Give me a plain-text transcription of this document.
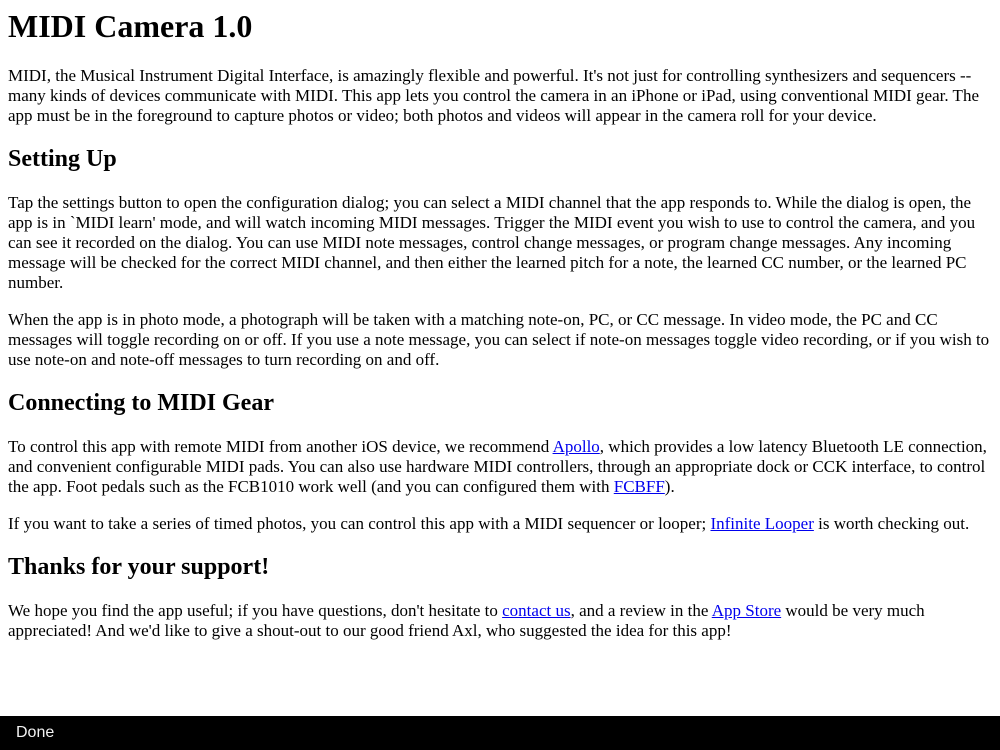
MIDI Camera 1.0

MIDI, the Musical Instrument Digital Interface, is amazingly flexible and powerful. It's not just for controlling synthesizers and sequencers -- many kinds of devices communicate with MIDI. This app lets you control the camera in an iPhone or iPad, using conventional MIDI gear. The app must be in the foreground to capture photos or video; both photos and videos will appear in the camera roll for your device.

Setting Up

Tap the settings button to open the configuration dialog; you can select a MIDI channel that the app responds to. While the dialog is open, the app is in `MIDI learn' mode, and will watch incoming MIDI messages. Trigger the MIDI event you wish to use to control the camera, and you can see it recorded on the dialog. You can use MIDI note messages, control change messages, or program change messages. Any incoming message will be checked for the correct MIDI channel, and then either the learned pitch for a note, the learned CC number, or the learned PC number.

When the app is in photo mode, a photograph will be taken with a matching note-on, PC, or CC message. In video mode, the PC and CC messages will toggle recording on or off. If you use a note message, you can select if note-on messages toggle video recording, or if you wish to use note-on and note-off messages to turn recording on and off.

Connecting to MIDI Gear

To control this app with remote MIDI from another iOS device, we recommend Apollo, which provides a low latency Bluetooth LE connection, and convenient configurable MIDI pads. You can also use hardware MIDI controllers, through an appropriate dock or CCK interface, to control the app. Foot pedals such as the FCB1010 work well (and you can configured them with FCBFF).

If you want to take a series of timed photos, you can control this app with a MIDI sequencer or looper; Infinite Looper is worth checking out.

Thanks for your support!

We hope you find the app useful; if you have questions, don't hesitate to contact us, and a review in the App Store would be very much appreciated! And we'd like to give a shout-out to our good friend Axl, who suggested the idea for this app!

Done
